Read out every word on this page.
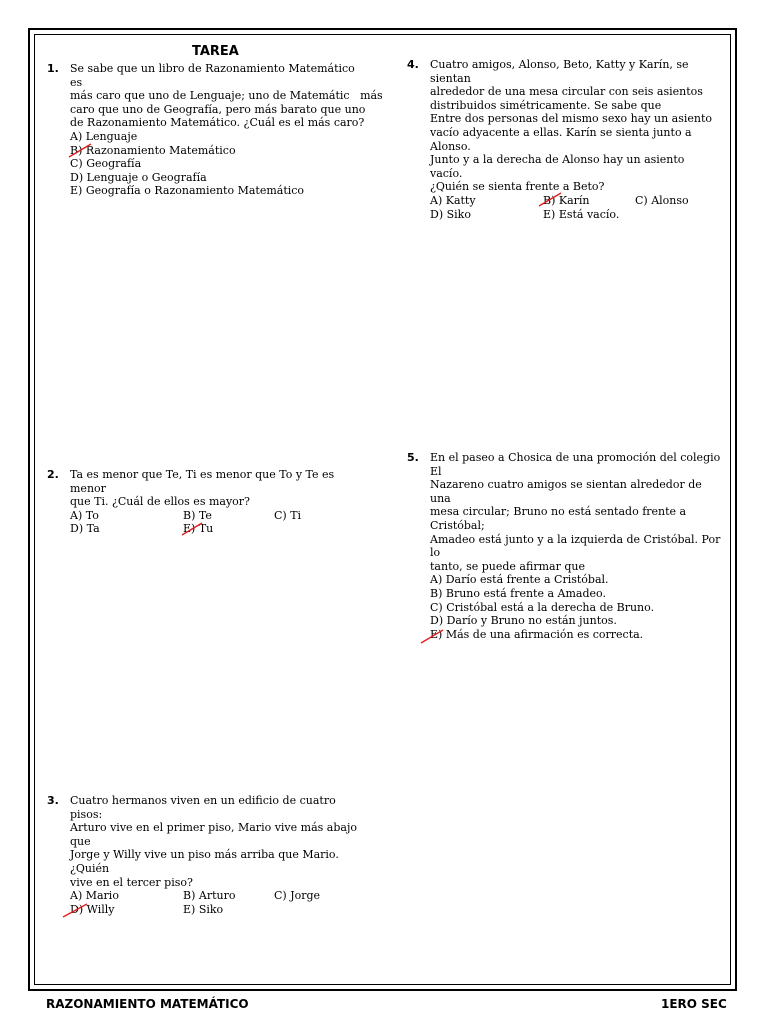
TAREA
1. Se sabe que un libro de Razonamiento Matemático es
más caro que uno de Lenguaje; uno de Matemátic   más
caro que uno de Geografía, pero más barato que uno
de Razonamiento Matemático. ¿Cuál es el más caro?
A) Lenguaje
B) Razonamiento Matemático
C) Geografía
D) Lenguaje o Geografía
E) Geografía o Razonamiento Matemático
2. Ta es menor que Te, Ti es menor que To y Te es menor
que Ti. ¿Cuál de ellos es mayor?
A) To	B) Te	C) Ti
D) Ta	E) Tu
3. Cuatro hermanos viven en un edificio de cuatro pisos:
Arturo vive en el primer piso, Mario vive más abajo que
Jorge y Willy vive un piso más arriba que Mario. ¿Quién
vive en el tercer piso?
A) Mario	B) Arturo	C) Jorge
D) Willy	E) Siko
4. Cuatro amigos, Alonso, Beto, Katty y Karín, se sientan
alrededor de una mesa circular con seis asientos
distribuidos simétricamente. Se sabe que
Entre dos personas del mismo sexo hay un asiento
vacío adyacente a ellas. Karín se sienta junto a Alonso.
Junto y a la derecha de Alonso hay un asiento vacío.
¿Quién se sienta frente a Beto?
A) Katty	B) Karín	C) Alonso
D) Siko	E) Está vacío.
5. En el paseo a Chosica de una promoción del colegio El
Nazareno cuatro amigos se sientan alrededor de una
mesa circular; Bruno no está sentado frente a Cristóbal;
Amadeo está junto y a la izquierda de Cristóbal. Por lo
tanto, se puede afirmar que
A) Darío está frente a Cristóbal.
B) Bruno está frente a Amadeo.
C) Cristóbal está a la derecha de Bruno.
D) Darío y Bruno no están juntos.
E) Más de una afirmación es correcta.
RAZONAMIENTO MATEMÁTICO	1ERO SEC
